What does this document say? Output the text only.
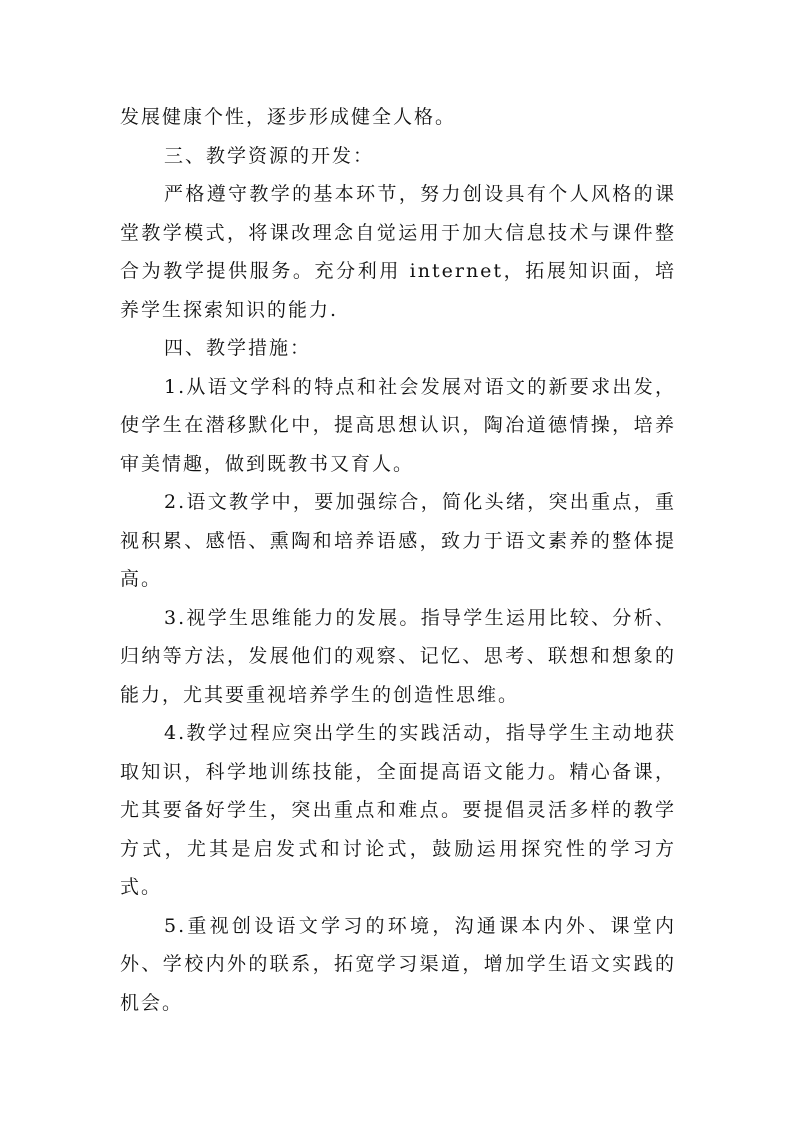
发展健康个性，逐步形成健全人格。

三、教学资源的开发：

严格遵守教学的基本环节，努力创设具有个人风格的课堂教学模式，将课改理念自觉运用于加大信息技术与课件整合为教学提供服务。充分利用 internet，拓展知识面，培养学生探索知识的能力.

四、教学措施：

1.从语文学科的特点和社会发展对语文的新要求出发，使学生在潜移默化中，提高思想认识，陶冶道德情操，培养审美情趣，做到既教书又育人。

2.语文教学中，要加强综合，简化头绪，突出重点，重视积累、感悟、熏陶和培养语感，致力于语文素养的整体提高。

3.视学生思维能力的发展。指导学生运用比较、分析、归纳等方法，发展他们的观察、记忆、思考、联想和想象的能力，尤其要重视培养学生的创造性思维。

4.教学过程应突出学生的实践活动，指导学生主动地获取知识，科学地训练技能，全面提高语文能力。精心备课，尤其要备好学生，突出重点和难点。要提倡灵活多样的教学方式，尤其是启发式和讨论式，鼓励运用探究性的学习方式。

5.重视创设语文学习的环境，沟通课本内外、课堂内外、学校内外的联系，拓宽学习渠道，增加学生语文实践的机会。
